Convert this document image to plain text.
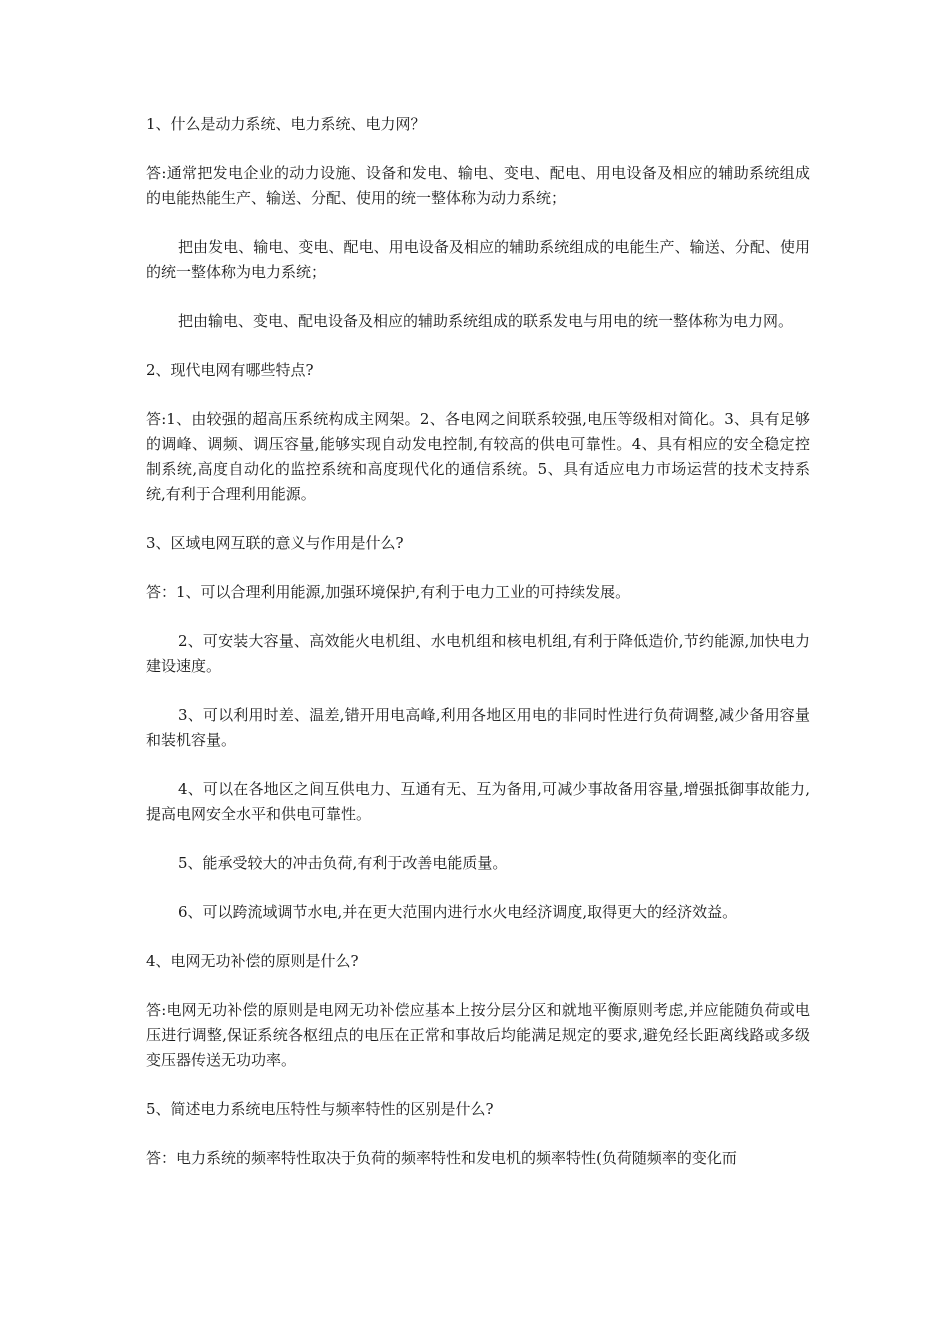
1、什么是动力系统、电力系统、电力网？

答:通常把发电企业的动力设施、设备和发电、输电、变电、配电、用电设备及相应的辅助系统组成的电能热能生产、输送、分配、使用的统一整体称为动力系统；

把由发电、输电、变电、配电、用电设备及相应的辅助系统组成的电能生产、输送、分配、使用的统一整体称为电力系统；

把由输电、变电、配电设备及相应的辅助系统组成的联系发电与用电的统一整体称为电力网。

2、现代电网有哪些特点?

答:1、由较强的超高压系统构成主网架。2、各电网之间联系较强,电压等级相对简化。3、具有足够的调峰、调频、调压容量,能够实现自动发电控制,有较高的供电可靠性。4、具有相应的安全稳定控制系统,高度自动化的监控系统和高度现代化的通信系统。5、具有适应电力市场运营的技术支持系统,有利于合理利用能源。

3、区域电网互联的意义与作用是什么?

答：1、可以合理利用能源,加强环境保护,有利于电力工业的可持续发展。

2、可安装大容量、高效能火电机组、水电机组和核电机组,有利于降低造价,节约能源,加快电力建设速度。

3、可以利用时差、温差,错开用电高峰,利用各地区用电的非同时性进行负荷调整,减少备用容量和装机容量。

4、可以在各地区之间互供电力、互通有无、互为备用,可减少事故备用容量,增强抵御事故能力,提高电网安全水平和供电可靠性。

5、能承受较大的冲击负荷,有利于改善电能质量。

6、可以跨流域调节水电,并在更大范围内进行水火电经济调度,取得更大的经济效益。

4、电网无功补偿的原则是什么?

答:电网无功补偿的原则是电网无功补偿应基本上按分层分区和就地平衡原则考虑,并应能随负荷或电压进行调整,保证系统各枢纽点的电压在正常和事故后均能满足规定的要求,避免经长距离线路或多级变压器传送无功功率。

5、简述电力系统电压特性与频率特性的区别是什么?

答：电力系统的频率特性取决于负荷的频率特性和发电机的频率特性(负荷随频率的变化而
